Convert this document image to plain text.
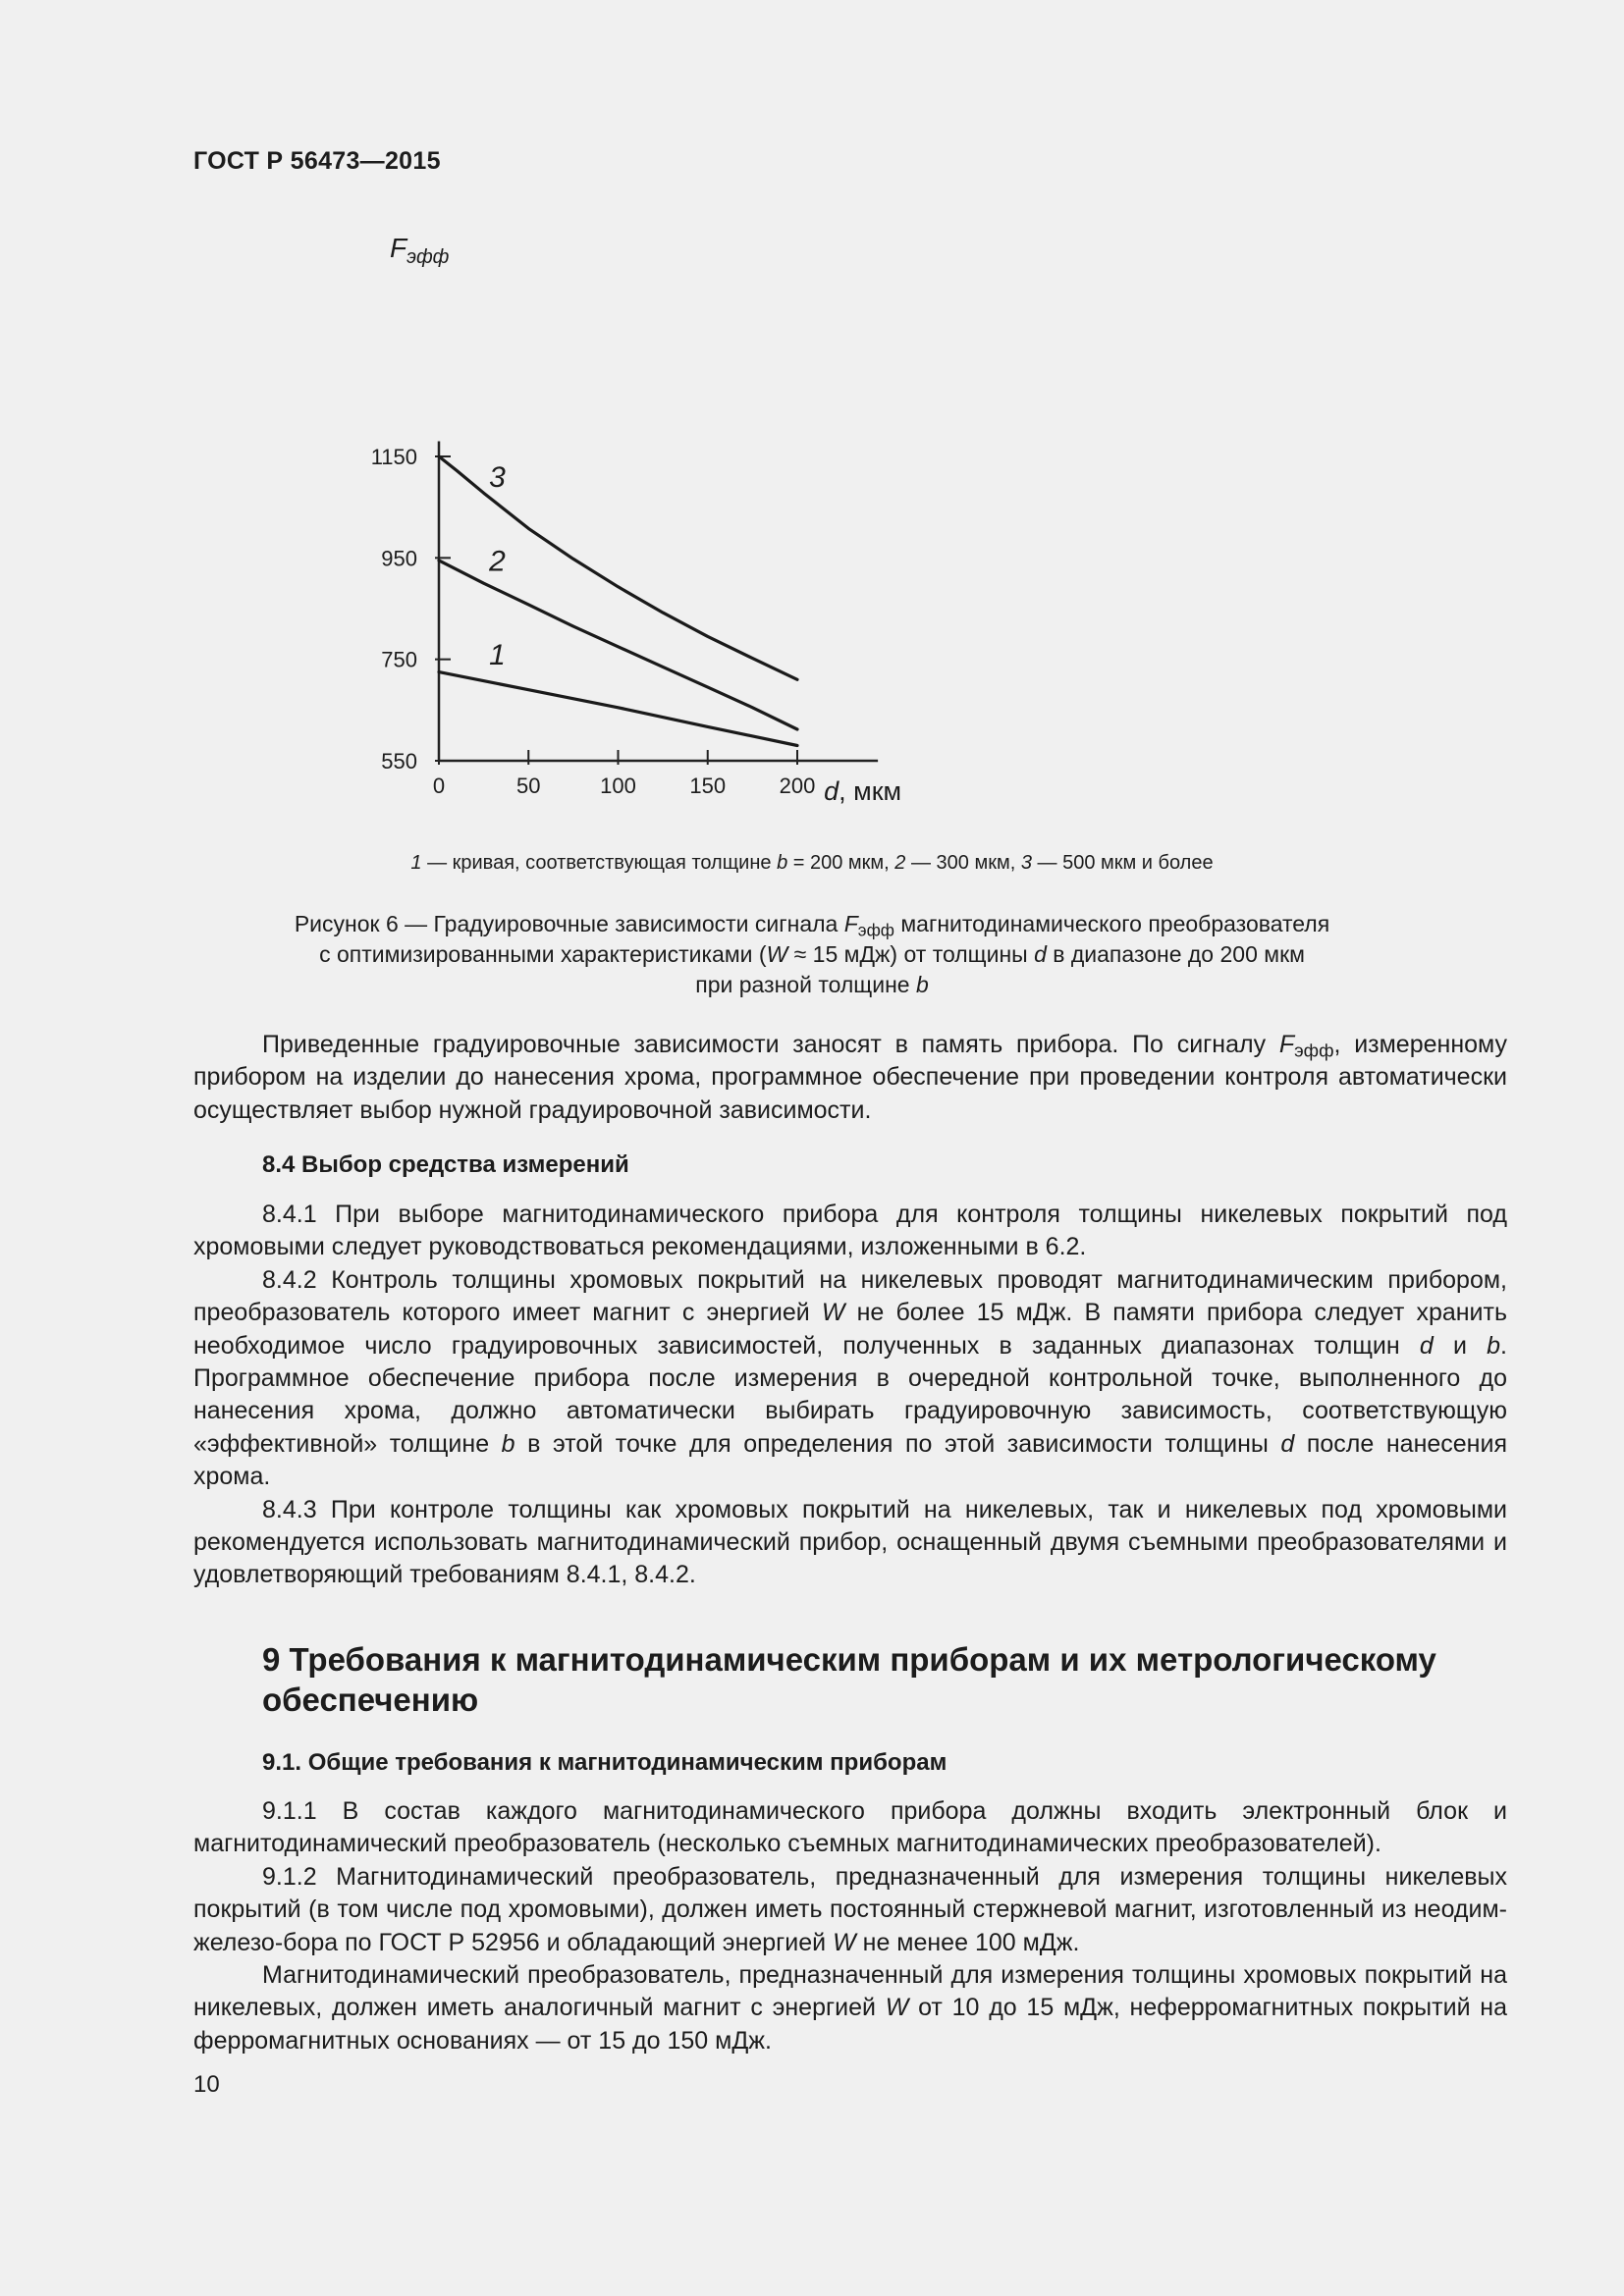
ГОСТ Р 56473—2015
550
750
950
1150
0	50	100 150 200
1
2
3
$F_{эфф}$
d, мкм
1 — кривая, соответствующая толщине b = 200 мкм, 2 — 300 мкм, 3 — 500 мкм и более
Рисунок 6 — Градуировочные зависимости сигнала $F_{эфф}$ магнитодинамического преобразователя
с оптимизированными характеристиками (W ≈ 15 мДж) от толщины d в диапазоне до 200 мкм
при разной толщине b

Приведенные градуировочные зависимости заносят в память прибора. По сигналу $F_{эфф}$, измеренному прибором на изделии до нанесения хрома, программное обеспечение при проведении контроля автоматически осуществляет выбор нужной градуировочной зависимости.

8.4 Выбор средства измерений

8.4.1 При выборе магнитодинамического прибора для контроля толщины никелевых покрытий под хромовыми следует руководствоваться рекомендациями, изложенными в 6.2.

8.4.2 Контроль толщины хромовых покрытий на никелевых проводят магнитодинамическим прибором, преобразователь которого имеет магнит с энергией W не более 15 мДж. В памяти прибора следует хранить необходимое число градуировочных зависимостей, полученных в заданных диапазонах толщин d и b. Программное обеспечение прибора после измерения в очередной контрольной точке, выполненного до нанесения хрома, должно автоматически выбирать градуировочную зависимость, соответствующую «эффективной» толщине b в этой точке для определения по этой зависимости толщины d после нанесения хрома.

8.4.3 При контроле толщины как хромовых покрытий на никелевых, так и никелевых под хромовыми рекомендуется использовать магнитодинамический прибор, оснащенный двумя съемными преобразователями и удовлетворяющий требованиям 8.4.1, 8.4.2.

9 Требования к магнитодинамическим приборам и их метрологическому обеспечению
9.1. Общие требования к магнитодинамическим приборам

9.1.1 В состав каждого магнитодинамического прибора должны входить электронный блок и магнитодинамический преобразователь (несколько съемных магнитодинамических преобразователей).

9.1.2 Магнитодинамический преобразователь, предназначенный для измерения толщины никелевых покрытий (в том числе под хромовыми), должен иметь постоянный стержневой магнит, изготовленный из неодим-железо-бора по ГОСТ Р 52956 и обладающий энергией W не менее 100 мДж.

Магнитодинамический преобразователь, предназначенный для измерения толщины хромовых покрытий на никелевых, должен иметь аналогичный магнит с энергией W от 10 до 15 мДж, неферромагнитных покрытий на ферромагнитных основаниях — от 15 до 150 мДж.

10
